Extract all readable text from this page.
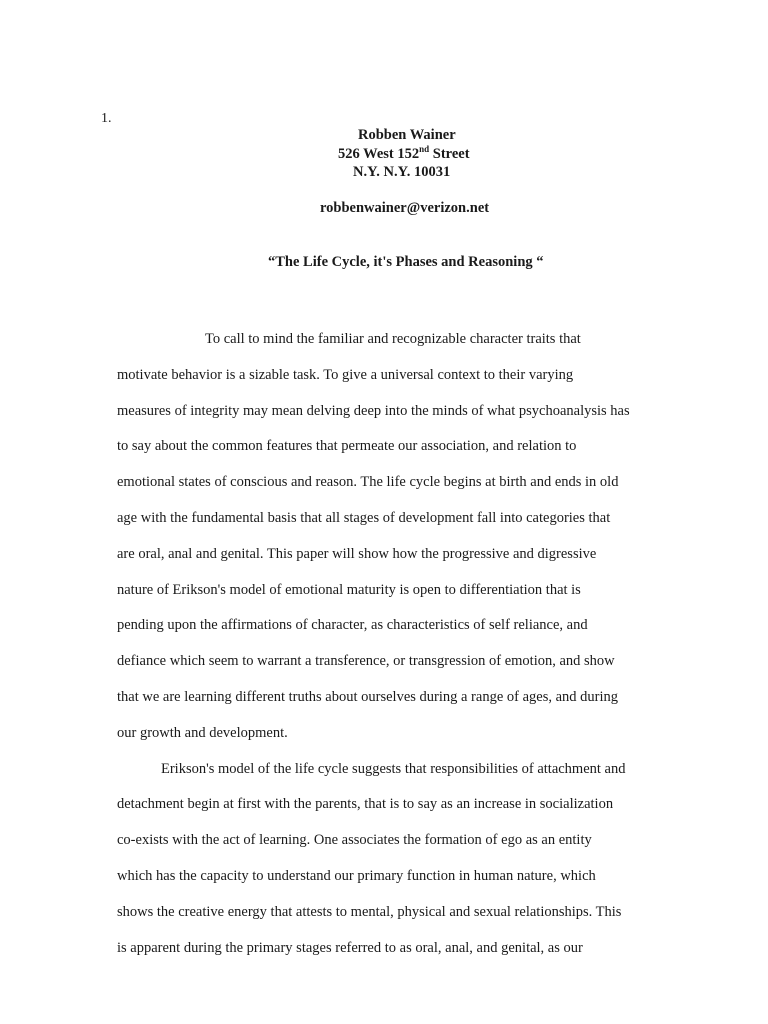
1.
Robben Wainer
526 West 152nd Street
N.Y. N.Y. 10031
robbenwainer@verizon.net
“The Life Cycle, it's Phases and Reasoning “
To call to mind the familiar and recognizable character traits that
motivate behavior is a sizable task. To give a universal context to their varying
measures of integrity may mean delving deep into the minds of what psychoanalysis has
to say about the common features that permeate our association, and relation to
emotional states of conscious and reason. The life cycle begins at birth and ends in old
age with the fundamental basis that all stages of development fall into categories that
are oral, anal and genital. This paper will show how the progressive and digressive
nature of Erikson's model of emotional maturity is open to differentiation that is
pending upon the affirmations of character, as characteristics of self reliance, and
defiance which seem to warrant a transference, or transgression of emotion, and show
that we are learning different truths about ourselves during a range of ages, and during
our growth and development.
Erikson's model of the life cycle suggests that responsibilities of attachment and
detachment begin at first with the parents, that is to say as an increase in socialization
co-exists with the act of learning. One associates the formation of ego as an entity
which has the capacity to understand our primary function in human nature, which
shows the creative energy that attests to mental, physical and sexual relationships. This
is apparent during the primary stages referred to as oral, anal, and genital, as our
